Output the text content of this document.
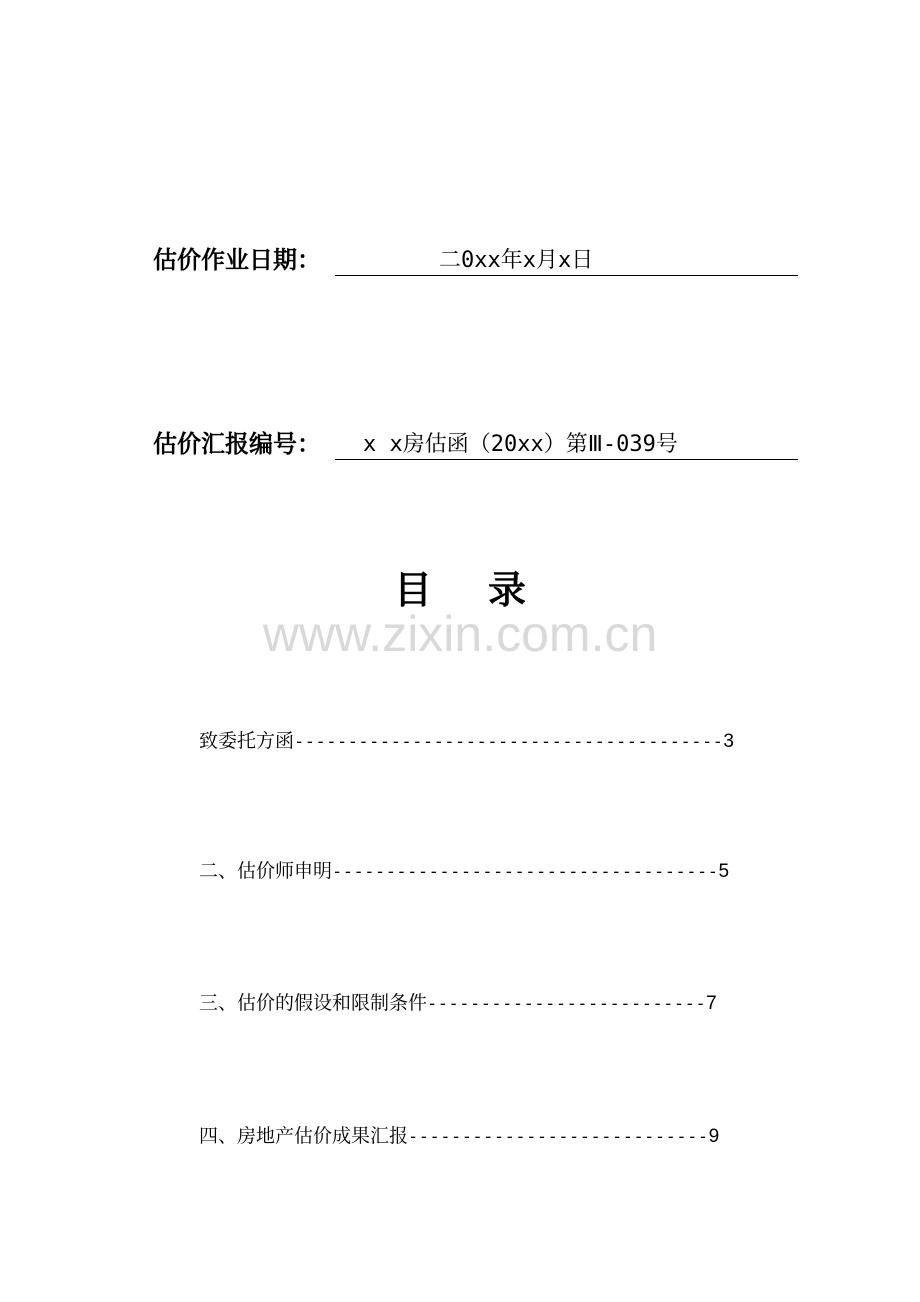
估价作业日期：	二0xx年x月x日
估价汇报编号：	x x房估函（20xx）第Ⅲ-039号
目录
www.zixin.com.cn
致委托方函 ---------------------------------------- 3
二、估价师申明 ------------------------------------ 5
三、估价的假设和限制条件 -------------------------- 7
四、房地产估价成果汇报 ---------------------------- 9
